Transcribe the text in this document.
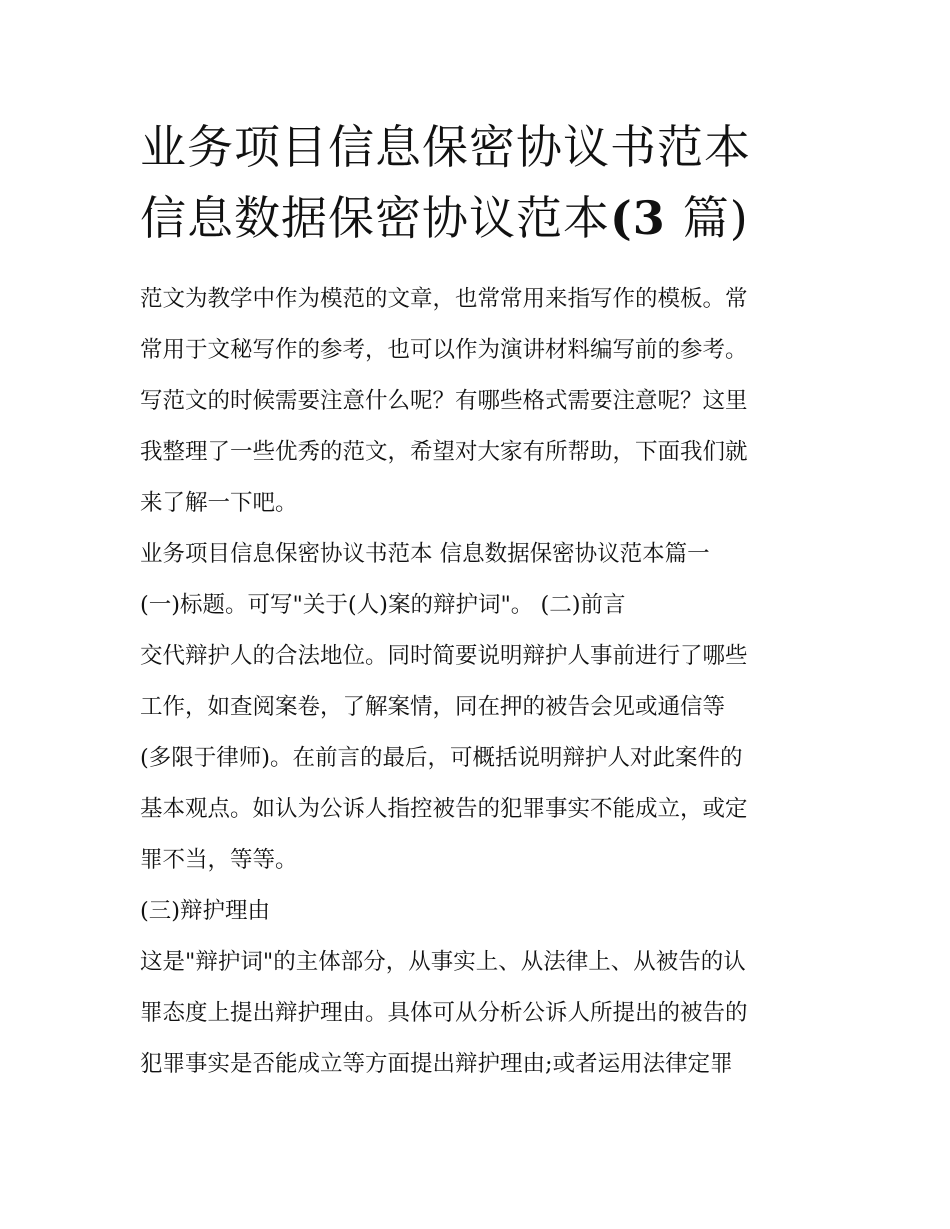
业务项目信息保密协议书范本
信息数据保密协议范本(3 篇)

范文为教学中作为模范的文章，也常常用来指写作的模板。常

常用于文秘写作的参考，也可以作为演讲材料编写前的参考。

写范文的时候需要注意什么呢？有哪些格式需要注意呢？这里

我整理了一些优秀的范文，希望对大家有所帮助，下面我们就

来了解一下吧。

业务项目信息保密协议书范本 信息数据保密协议范本篇一

(一)标题。可写"关于(人)案的辩护词"。 (二)前言

交代辩护人的合法地位。同时简要说明辩护人事前进行了哪些

工作，如查阅案卷，了解案情，同在押的被告会见或通信等

(多限于律师)。在前言的最后，可概括说明辩护人对此案件的

基本观点。如认为公诉人指控被告的犯罪事实不能成立，或定

罪不当，等等。

(三)辩护理由

这是"辩护词"的主体部分，从事实上、从法律上、从被告的认

罪态度上提出辩护理由。具体可从分析公诉人所提出的被告的

犯罪事实是否能成立等方面提出辩护理由;或者运用法律定罪
